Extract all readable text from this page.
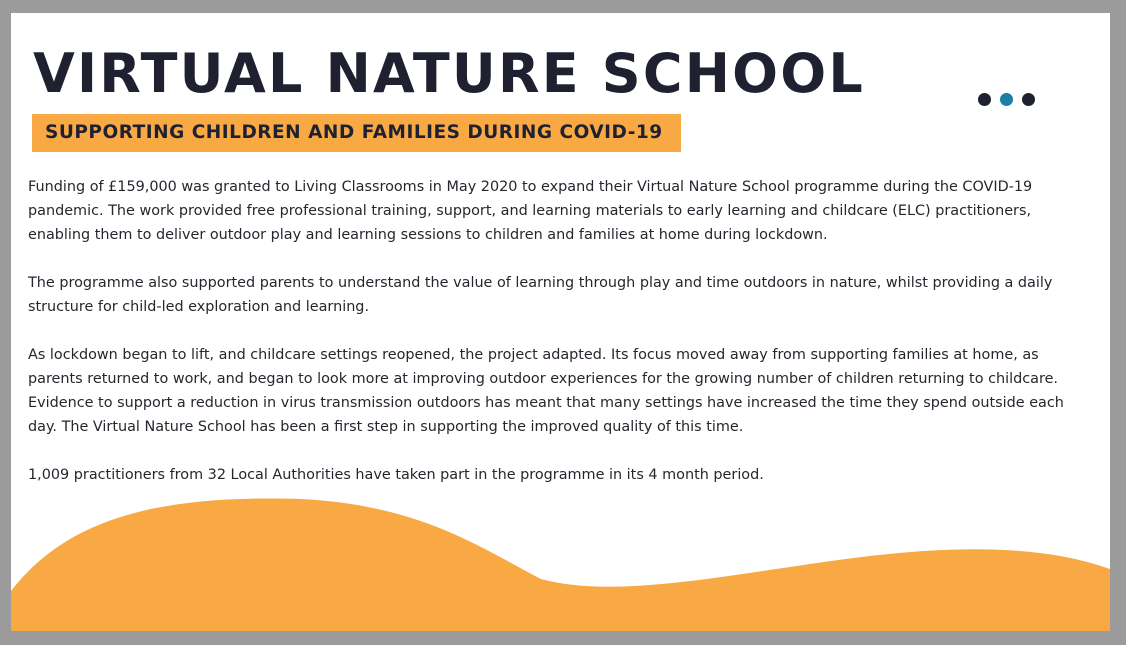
VIRTUAL NATURE SCHOOL
SUPPORTING CHILDREN AND FAMILIES DURING COVID-19

Funding of £159,000 was granted to Living Classrooms in May 2020 to expand their Virtual Nature School programme during the COVID-19 pandemic. The work provided free professional training, support, and learning materials to early learning and childcare (ELC) practitioners, enabling them to deliver outdoor play and learning sessions to children and families at home during lockdown.

The programme also supported parents to understand the value of learning through play and time outdoors in nature, whilst providing a daily structure for child-led exploration and learning.

As lockdown began to lift, and childcare settings reopened, the project adapted. Its focus moved away from supporting families at home, as parents returned to work, and began to look more at improving outdoor experiences for the growing number of children returning to childcare. Evidence to support a reduction in virus transmission outdoors has meant that many settings have increased the time they spend outside each day. The Virtual Nature School has been a first step in supporting the improved quality of this time.

1,009 practitioners from 32 Local Authorities have taken part in the programme in its 4 month period.
